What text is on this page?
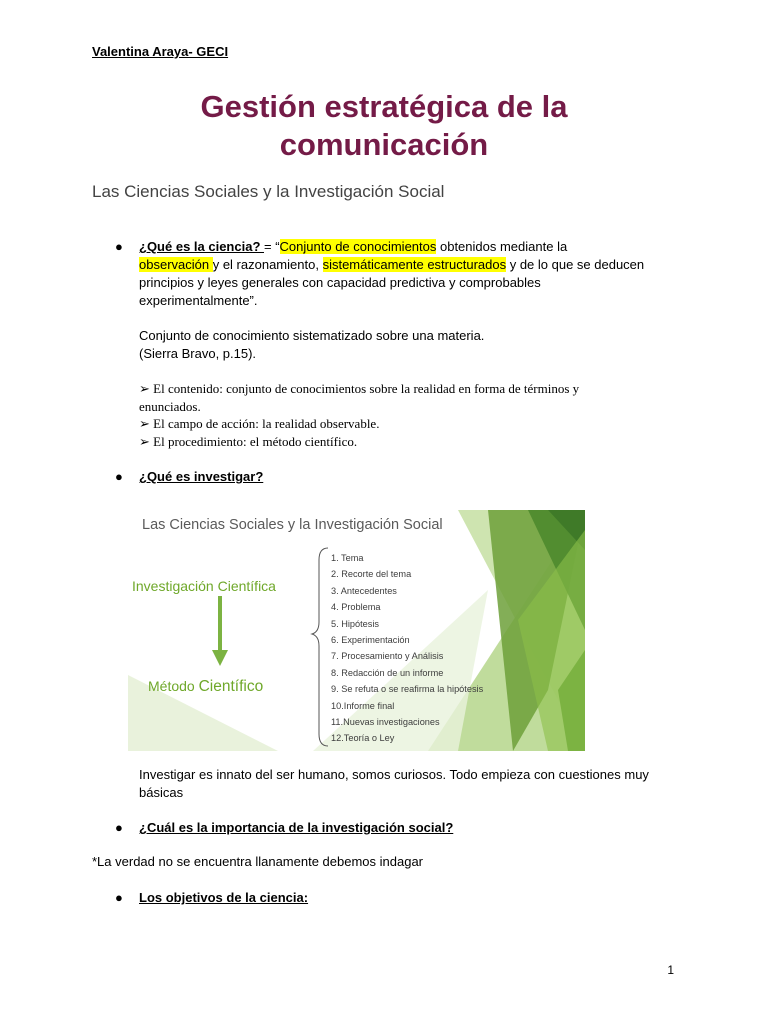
Valentina Araya- GECI
Gestión estratégica de la
comunicación
Las Ciencias Sociales y la Investigación Social
● ¿Qué es la ciencia? = “Conjunto de conocimientos obtenidos mediante la
observación y el razonamiento, sistemáticamente estructurados y de lo que se deducen principios y leyes generales con capacidad predictiva y comprobables experimentalmente”.
Conjunto de conocimiento sistematizado sobre una materia.
(Sierra Bravo, p.15).
➢ El contenido: conjunto de conocimientos sobre la realidad en forma de términos y enunciados.
➢ El campo de acción: la realidad observable.
➢ El procedimiento: el método científico.
● ¿Qué es investigar?
Las Ciencias Sociales y la Investigación Social
Investigación Científica
Método Científico
1. Tema
2. Recorte del tema
3. Antecedentes
4. Problema
5. Hipótesis
6. Experimentación
7. Procesamiento y Análisis
8. Redacción de un informe
9. Se refuta o se reafirma la hipótesis
10.Informe final
11.Nuevas investigaciones
12.Teoría o Ley
Investigar es innato del ser humano, somos curiosos. Todo empieza con cuestiones muy básicas
● ¿Cuál es la importancia de la investigación social?
*La verdad no se encuentra llanamente debemos indagar
● Los objetivos de la ciencia:
1
